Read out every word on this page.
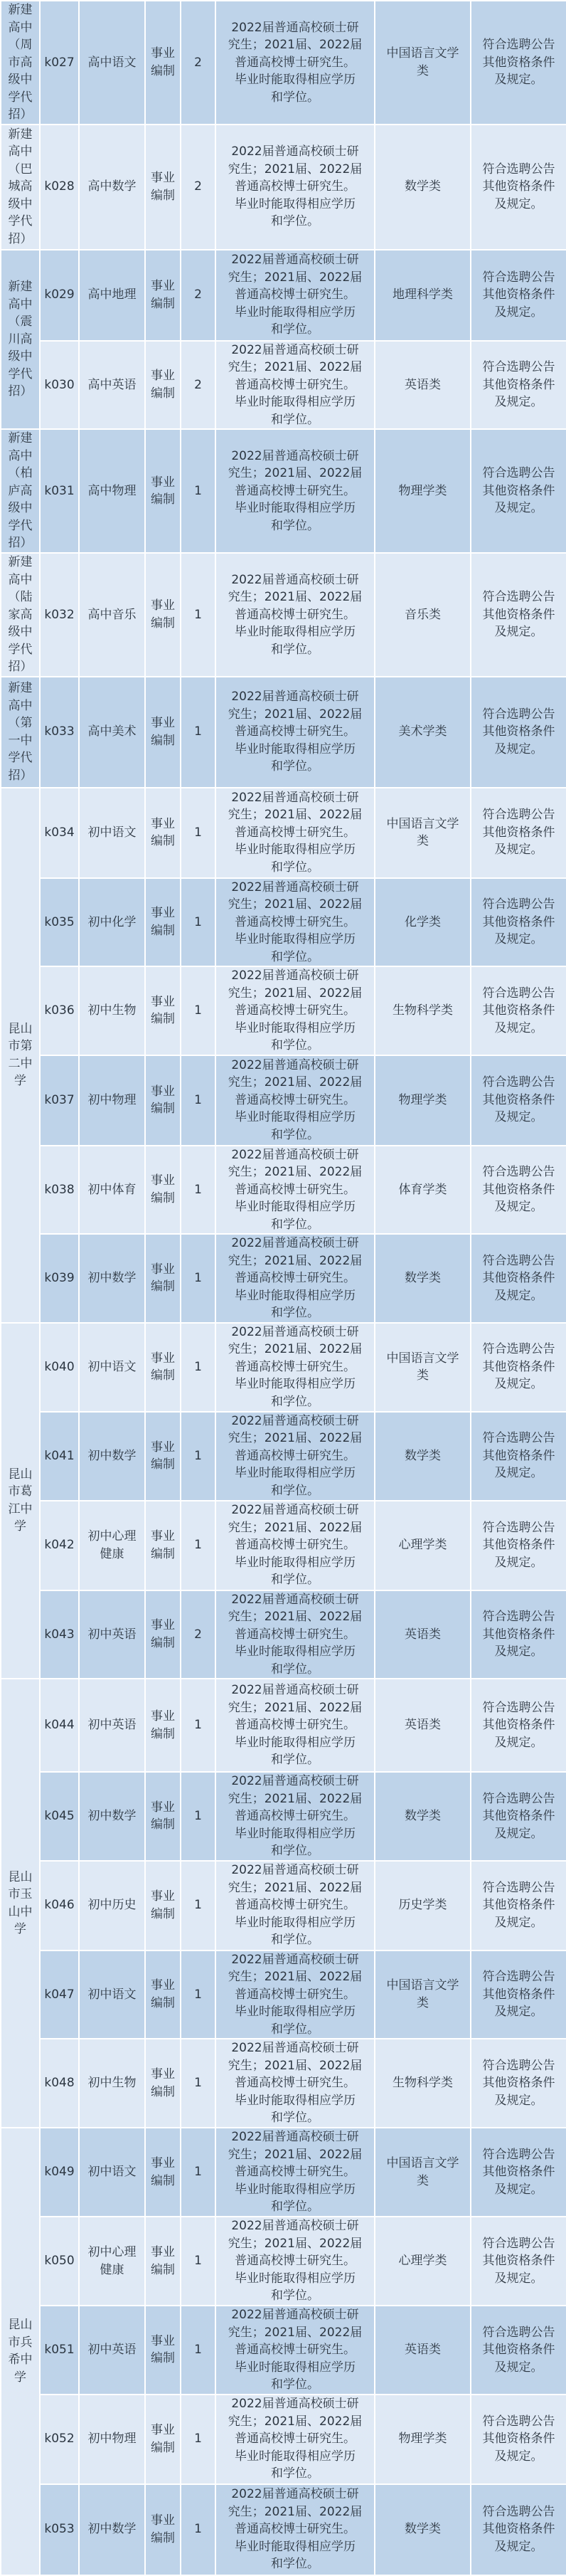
新建
高中
（周
市高
级中
学代
招）	k027	高中语文	事业
编制	2	2022届普通高校硕士研
究生；2021届、2022届
普通高校博士研究生。
毕业时能取得相应学历
和学位。	中国语言文学
类	符合选聘公告
其他资格条件
及规定。
新建
高中
（巴
城高
级中
学代
招）	k028	高中数学	事业
编制	2	2022届普通高校硕士研
究生；2021届、2022届
普通高校博士研究生。
毕业时能取得相应学历
和学位。	数学类	符合选聘公告
其他资格条件
及规定。
新建
高中
（震
川高
级中
学代
招）	k029	高中地理	事业
编制	2	2022届普通高校硕士研
究生；2021届、2022届
普通高校博士研究生。
毕业时能取得相应学历
和学位。	地理科学类	符合选聘公告
其他资格条件
及规定。
	k030	高中英语	事业
编制	2	2022届普通高校硕士研
究生；2021届、2022届
普通高校博士研究生。
毕业时能取得相应学历
和学位。	英语类	符合选聘公告
其他资格条件
及规定。
新建
高中
（柏
庐高
级中
学代
招）	k031	高中物理	事业
编制	1	2022届普通高校硕士研
究生；2021届、2022届
普通高校博士研究生。
毕业时能取得相应学历
和学位。	物理学类	符合选聘公告
其他资格条件
及规定。
新建
高中
（陆
家高
级中
学代
招）	k032	高中音乐	事业
编制	1	2022届普通高校硕士研
究生；2021届、2022届
普通高校博士研究生。
毕业时能取得相应学历
和学位。	音乐类	符合选聘公告
其他资格条件
及规定。
新建
高中
（第
一中
学代
招）	k033	高中美术	事业
编制	1	2022届普通高校硕士研
究生；2021届、2022届
普通高校博士研究生。
毕业时能取得相应学历
和学位。	美术学类	符合选聘公告
其他资格条件
及规定。
昆山
市第
二中
学	k034	初中语文	事业
编制	1	2022届普通高校硕士研
究生；2021届、2022届
普通高校博士研究生。
毕业时能取得相应学历
和学位。	中国语言文学
类	符合选聘公告
其他资格条件
及规定。
	k035	初中化学	事业
编制	1	2022届普通高校硕士研
究生；2021届、2022届
普通高校博士研究生。
毕业时能取得相应学历
和学位。	化学类	符合选聘公告
其他资格条件
及规定。
	k036	初中生物	事业
编制	1	2022届普通高校硕士研
究生；2021届、2022届
普通高校博士研究生。
毕业时能取得相应学历
和学位。	生物科学类	符合选聘公告
其他资格条件
及规定。
	k037	初中物理	事业
编制	1	2022届普通高校硕士研
究生；2021届、2022届
普通高校博士研究生。
毕业时能取得相应学历
和学位。	物理学类	符合选聘公告
其他资格条件
及规定。
	k038	初中体育	事业
编制	1	2022届普通高校硕士研
究生；2021届、2022届
普通高校博士研究生。
毕业时能取得相应学历
和学位。	体育学类	符合选聘公告
其他资格条件
及规定。
	k039	初中数学	事业
编制	1	2022届普通高校硕士研
究生；2021届、2022届
普通高校博士研究生。
毕业时能取得相应学历
和学位。	数学类	符合选聘公告
其他资格条件
及规定。
昆山
市葛
江中
学	k040	初中语文	事业
编制	1	2022届普通高校硕士研
究生；2021届、2022届
普通高校博士研究生。
毕业时能取得相应学历
和学位。	中国语言文学
类	符合选聘公告
其他资格条件
及规定。
	k041	初中数学	事业
编制	1	2022届普通高校硕士研
究生；2021届、2022届
普通高校博士研究生。
毕业时能取得相应学历
和学位。	数学类	符合选聘公告
其他资格条件
及规定。
	k042	初中心理
健康	事业
编制	1	2022届普通高校硕士研
究生；2021届、2022届
普通高校博士研究生。
毕业时能取得相应学历
和学位。	心理学类	符合选聘公告
其他资格条件
及规定。
	k043	初中英语	事业
编制	2	2022届普通高校硕士研
究生；2021届、2022届
普通高校博士研究生。
毕业时能取得相应学历
和学位。	英语类	符合选聘公告
其他资格条件
及规定。
昆山
市玉
山中
学	k044	初中英语	事业
编制	1	2022届普通高校硕士研
究生；2021届、2022届
普通高校博士研究生。
毕业时能取得相应学历
和学位。	英语类	符合选聘公告
其他资格条件
及规定。
	k045	初中数学	事业
编制	1	2022届普通高校硕士研
究生；2021届、2022届
普通高校博士研究生。
毕业时能取得相应学历
和学位。	数学类	符合选聘公告
其他资格条件
及规定。
	k046	初中历史	事业
编制	1	2022届普通高校硕士研
究生；2021届、2022届
普通高校博士研究生。
毕业时能取得相应学历
和学位。	历史学类	符合选聘公告
其他资格条件
及规定。
	k047	初中语文	事业
编制	1	2022届普通高校硕士研
究生；2021届、2022届
普通高校博士研究生。
毕业时能取得相应学历
和学位。	中国语言文学
类	符合选聘公告
其他资格条件
及规定。
	k048	初中生物	事业
编制	1	2022届普通高校硕士研
究生；2021届、2022届
普通高校博士研究生。
毕业时能取得相应学历
和学位。	生物科学类	符合选聘公告
其他资格条件
及规定。
昆山
市兵
希中
学	k049	初中语文	事业
编制	1	2022届普通高校硕士研
究生；2021届、2022届
普通高校博士研究生。
毕业时能取得相应学历
和学位。	中国语言文学
类	符合选聘公告
其他资格条件
及规定。
	k050	初中心理
健康	事业
编制	1	2022届普通高校硕士研
究生；2021届、2022届
普通高校博士研究生。
毕业时能取得相应学历
和学位。	心理学类	符合选聘公告
其他资格条件
及规定。
	k051	初中英语	事业
编制	1	2022届普通高校硕士研
究生；2021届、2022届
普通高校博士研究生。
毕业时能取得相应学历
和学位。	英语类	符合选聘公告
其他资格条件
及规定。
	k052	初中物理	事业
编制	1	2022届普通高校硕士研
究生；2021届、2022届
普通高校博士研究生。
毕业时能取得相应学历
和学位。	物理学类	符合选聘公告
其他资格条件
及规定。
	k053	初中数学	事业
编制	1	2022届普通高校硕士研
究生；2021届、2022届
普通高校博士研究生。
毕业时能取得相应学历
和学位。	数学类	符合选聘公告
其他资格条件
及规定。
